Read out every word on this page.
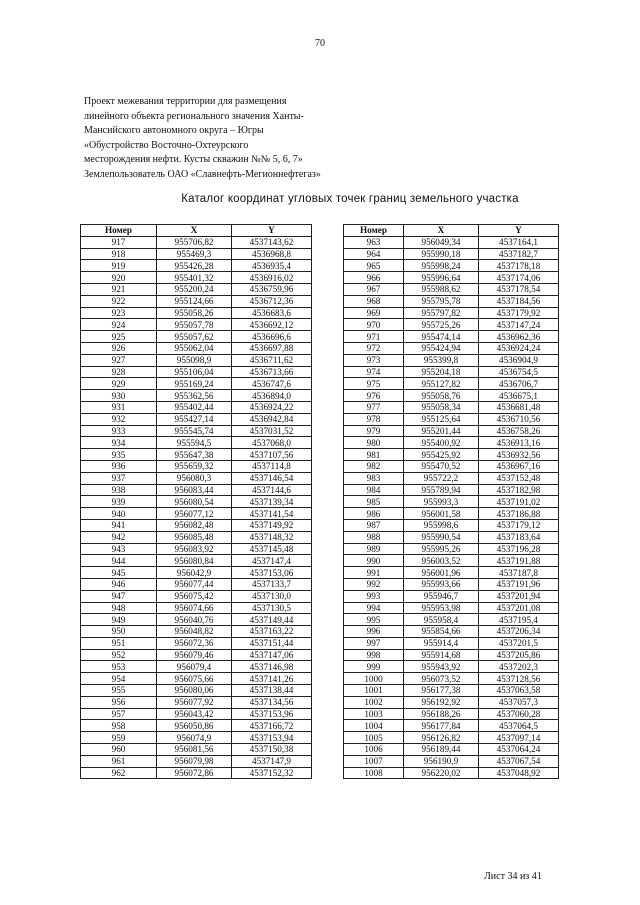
70
Проект межевания территории для размещения
линейного объекта регионального значения Ханты-
Мансийского автономного округа – Югры
«Обустройство Восточно-Охтеурского
месторождения нефти. Кусты скважин №№ 5, 6, 7»
Землепользователь ОАО «Славнефть-Мегионнефтегаз»
Каталог координат угловых точек границ земельного участка
Номер	X	Y
917	955706,82	4537143,62
918	955469,3	4536968,8
919	955426,28	4536935,4
920	955401,32	4536916,02
921	955200,24	4536759,96
922	955124,66	4536712,36
923	955058,26	4536683,6
924	955057,78	4536692,12
925	955057,62	4536696,6
926	955062,04	4536697,88
927	955098,9	4536711,62
928	955106,04	4536713,66
929	955169,24	4536747,6
930	955362,56	4536894,0
931	955402,44	4536924,22
932	955427,14	4536942,84
933	955545,74	4537031,52
934	955594,5	4537068,0
935	955647,38	4537107,56
936	955659,32	4537114,8
937	956080,3	4537146,54
938	956083,44	4537144,6
939	956080,54	4537139,34
940	956077,12	4537141,54
941	956082,48	4537149,92
942	956085,48	4537148,32
943	956083,92	4537145,48
944	956080,84	4537147,4
945	956042,9	4537153,06
946	956077,44	4537133,7
947	956075,42	4537130,0
948	956074,66	4537130,5
949	956040,76	4537149,44
950	956048,82	4537163,22
951	956072,36	4537151,44
952	956079,46	4537147,06
953	956079,4	4537146,98
954	956075,66	4537141,26
955	956080,06	4537138,44
956	956077,92	4537134,56
957	956043,42	4537153,96
958	956050,86	4537166,72
959	956074,9	4537153,94
960	956081,56	4537150,38
961	956079,98	4537147,9
962	956072,86	4537152,32
Номер	X	Y
963	956049,34	4537164,1
964	955990,18	4537182,7
965	955998,24	4537178,18
966	955996,64	4537174,06
967	955988,62	4537178,54
968	955795,78	4537184,56
969	955797,82	4537179,92
970	955725,26	4537147,24
971	955474,14	4536962,36
972	955424,94	4536924,24
973	955399,8	4536904,9
974	955204,18	4536754,5
975	955127,82	4536706,7
976	955058,76	4536675,1
977	955058,34	4536681,48
978	955125,64	4536710,56
979	955201,44	4536758,26
980	955400,92	4536913,16
981	955425,92	4536932,56
982	955470,52	4536967,16
983	955722,2	4537152,48
984	955789,94	4537182,98
985	955993,3	4537191,02
986	956001,58	4537186,88
987	955998,6	4537179,12
988	955990,54	4537183,64
989	955995,26	4537196,28
990	956003,52	4537191,88
991	956001,96	4537187,8
992	955993,66	4537191,96
993	955946,7	4537201,94
994	955953,98	4537201,08
995	955958,4	4537195,4
996	955854,66	4537206,34
997	955914,4	4537201,5
998	955914,68	4537205,86
999	955943,92	4537202,3
1000	956073,52	4537128,56
1001	956177,38	4537063,58
1002	956192,92	4537057,3
1003	956188,26	4537060,28
1004	956177,84	4537064,5
1005	956126,82	4537097,14
1006	956189,44	4537064,24
1007	956190,9	4537067,54
1008	956220,02	4537048,92
Лист 34 из 41
